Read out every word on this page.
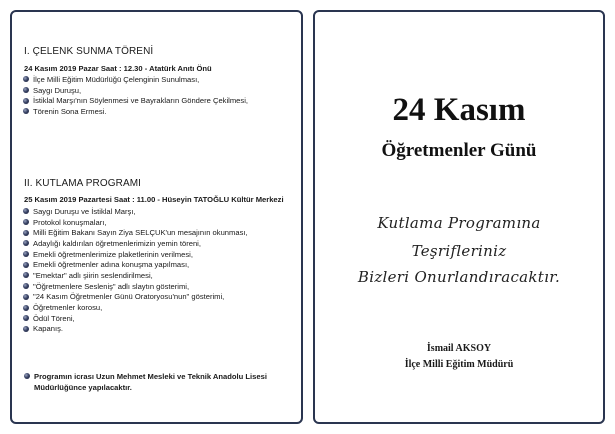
I. ÇELENK SUNMA TÖRENİ
24 Kasım 2019 Pazar Saat : 12.30 - Atatürk Anıtı Önü
İlçe Milli Eğitim Müdürlüğü Çelenginin Sunulması,
Saygı Duruşu,
İstiklal Marşı'nın Söylenmesi ve Bayrakların Göndere Çekilmesi,
Törenin Sona Ermesi.
II. KUTLAMA PROGRAMI
25 Kasım 2019 Pazartesi Saat : 11.00 - Hüseyin TATOĞLU Kültür Merkezi
Saygı Duruşu ve İstiklal Marşı,
Protokol konuşmaları,
Milli Eğitim Bakanı Sayın Ziya SELÇUK'un mesajının okunması,
Adaylığı kaldırılan öğretmenlerimizin yemin töreni,
Emekli öğretmenlerimize plaketlerinin verilmesi,
Emekli öğretmenler adına konuşma yapılması,
"Emektar" adlı şiirin seslendirilmesi,
"Öğretmenlere Sesleniş" adlı slaytın gösterimi,
"24 Kasım Öğretmenler Günü Oratoryosu'nun" gösterimi,
Öğretmenler korosu,
Ödül Töreni,
Kapanış.
Programın icrası Uzun Mehmet Mesleki ve Teknik Anadolu Lisesi Müdürlüğünce yapılacaktır.
24 Kasım
Öğretmenler Günü
Kutlama Programına
Teşrifleriniz
Bizleri Onurlandıracaktır.
İsmail AKSOY
İlçe Milli Eğitim Müdürü
